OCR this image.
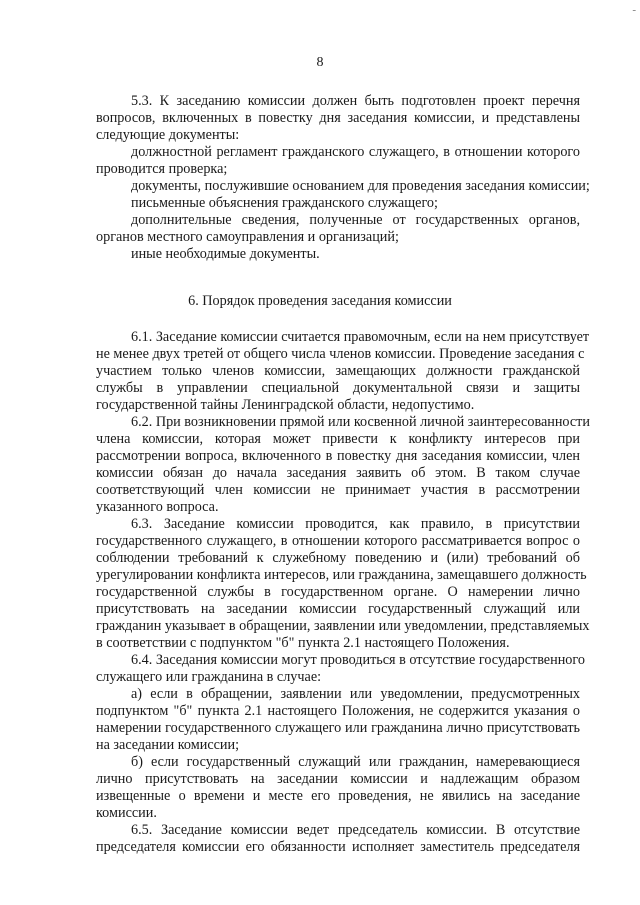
-
8
5.3. К заседанию комиссии должен быть подготовлен проект перечня
вопросов, включенных в повестку дня заседания комиссии, и представлены
следующие документы:
должностной регламент гражданского служащего, в отношении которого
проводится проверка;
документы, послужившие основанием для проведения заседания комиссии;
письменные объяснения гражданского служащего;
дополнительные сведения, полученные от государственных органов,
органов местного самоуправления и организаций;
иные необходимые документы.
6. Порядок проведения заседания комиссии
6.1. Заседание комиссии считается правомочным, если на нем присутствует
не менее двух третей от общего числа членов комиссии. Проведение заседания с
участием только членов комиссии, замещающих должности гражданской
службы в управлении специальной документальной связи и защиты
государственной тайны Ленинградской области, недопустимо.
6.2. При возникновении прямой или косвенной личной заинтересованности
члена комиссии, которая может привести к конфликту интересов при
рассмотрении вопроса, включенного в повестку дня заседания комиссии, член
комиссии обязан до начала заседания заявить об этом. В таком случае
соответствующий член комиссии не принимает участия в рассмотрении
указанного вопроса.
6.3. Заседание комиссии проводится, как правило, в присутствии
государственного служащего, в отношении которого рассматривается вопрос о
соблюдении требований к служебному поведению и (или) требований об
урегулировании конфликта интересов, или гражданина, замещавшего должность
государственной службы в государственном органе. О намерении лично
присутствовать на заседании комиссии государственный служащий или
гражданин указывает в обращении, заявлении или уведомлении, представляемых
в соответствии с подпунктом "б" пункта 2.1 настоящего Положения.
6.4. Заседания комиссии могут проводиться в отсутствие государственного
служащего или гражданина в случае:
а) если в обращении, заявлении или уведомлении, предусмотренных
подпунктом "б" пункта 2.1 настоящего Положения, не содержится указания о
намерении государственного служащего или гражданина лично присутствовать
на заседании комиссии;
б) если государственный служащий или гражданин, намеревающиеся
лично присутствовать на заседании комиссии и надлежащим образом
извещенные о времени и месте его проведения, не явились на заседание
комиссии.
6.5. Заседание комиссии ведет председатель комиссии. В отсутствие
председателя комиссии его обязанности исполняет заместитель председателя
